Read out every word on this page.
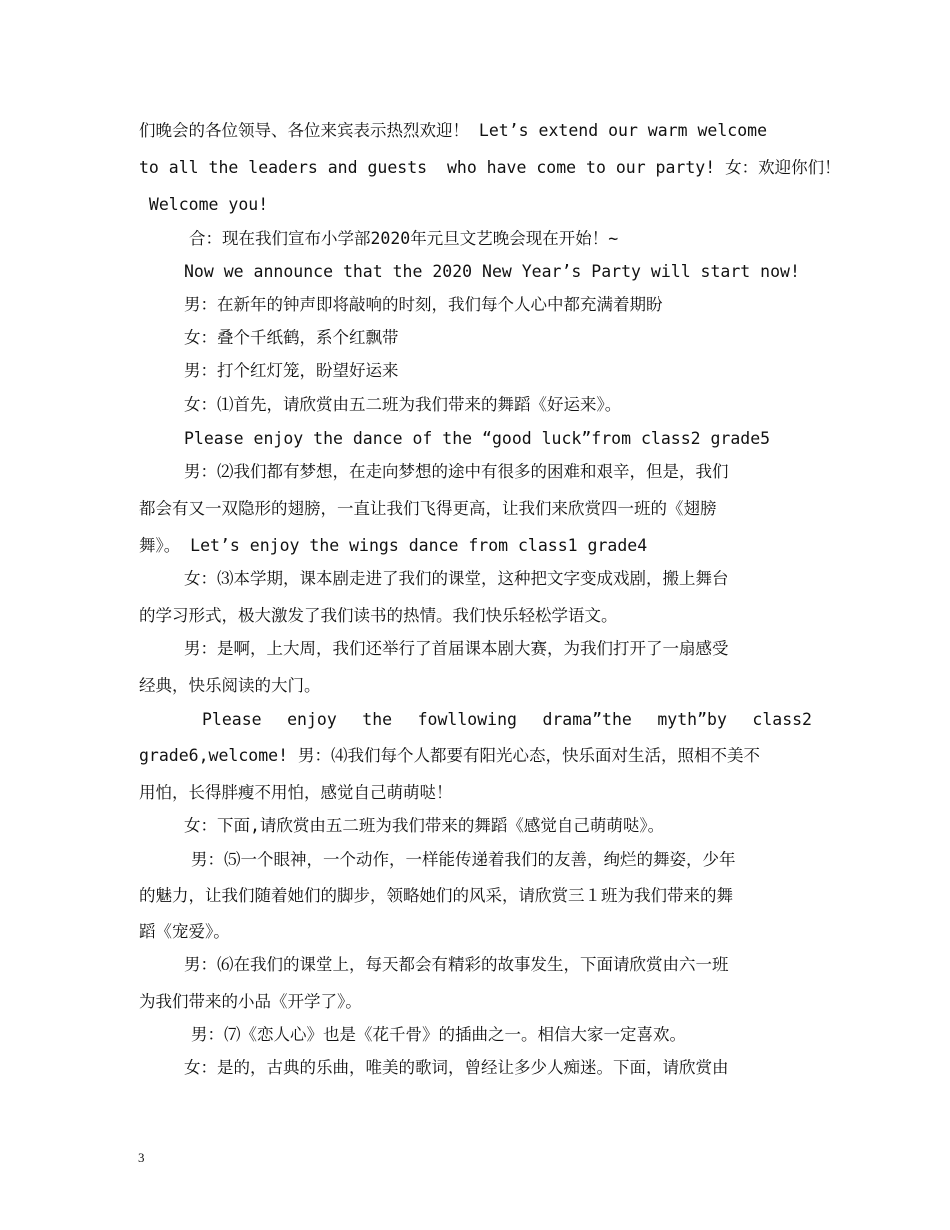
们晚会的各位领导、各位来宾表示热烈欢迎！ Let’s extend our warm welcome

to all the leaders and guests  who have come to our party! 女：欢迎你们！

Welcome you!

合：现在我们宣布小学部2020年元旦文艺晚会现在开始！~

Now we announce that the 2020 New Year’s Party will start now!

男：在新年的钟声即将敲响的时刻，我们每个人心中都充满着期盼

女：叠个千纸鹤，系个红飘带

男：打个红灯笼，盼望好运来

女：⑴首先，请欣赏由五二班为我们带来的舞蹈《好运来》。

Please enjoy the dance of the “good luck”from class2 grade5

男：⑵我们都有梦想，在走向梦想的途中有很多的困难和艰辛，但是，我们

都会有又一双隐形的翅膀，一直让我们飞得更高，让我们来欣赏四一班的《翅膀

舞》。 Let’s enjoy the wings dance from class1 grade4

女：⑶本学期，课本剧走进了我们的课堂，这种把文字变成戏剧，搬上舞台

的学习形式，极大激发了我们读书的热情。我们快乐轻松学语文。

男：是啊，上大周，我们还举行了首届课本剧大赛，为我们打开了一扇感受

经典，快乐阅读的大门。

Please enjoy the fowllowing drama”the myth”by class2

grade6,welcome! 男：⑷我们每个人都要有阳光心态，快乐面对生活，照相不美不

用怕，长得胖瘦不用怕，感觉自己萌萌哒！

女：下面,请欣赏由五二班为我们带来的舞蹈《感觉自己萌萌哒》。

男：⑸一个眼神，一个动作，一样能传递着我们的友善，绚烂的舞姿，少年

的魅力，让我们随着她们的脚步，领略她们的风采，请欣赏三１班为我们带来的舞

蹈《宠爱》。

男：⑹在我们的课堂上，每天都会有精彩的故事发生，下面请欣赏由六一班

为我们带来的小品《开学了》。

男：⑺《恋人心》也是《花千骨》的插曲之一。相信大家一定喜欢。

女：是的，古典的乐曲，唯美的歌词，曾经让多少人痴迷。下面，请欣赏由

3
